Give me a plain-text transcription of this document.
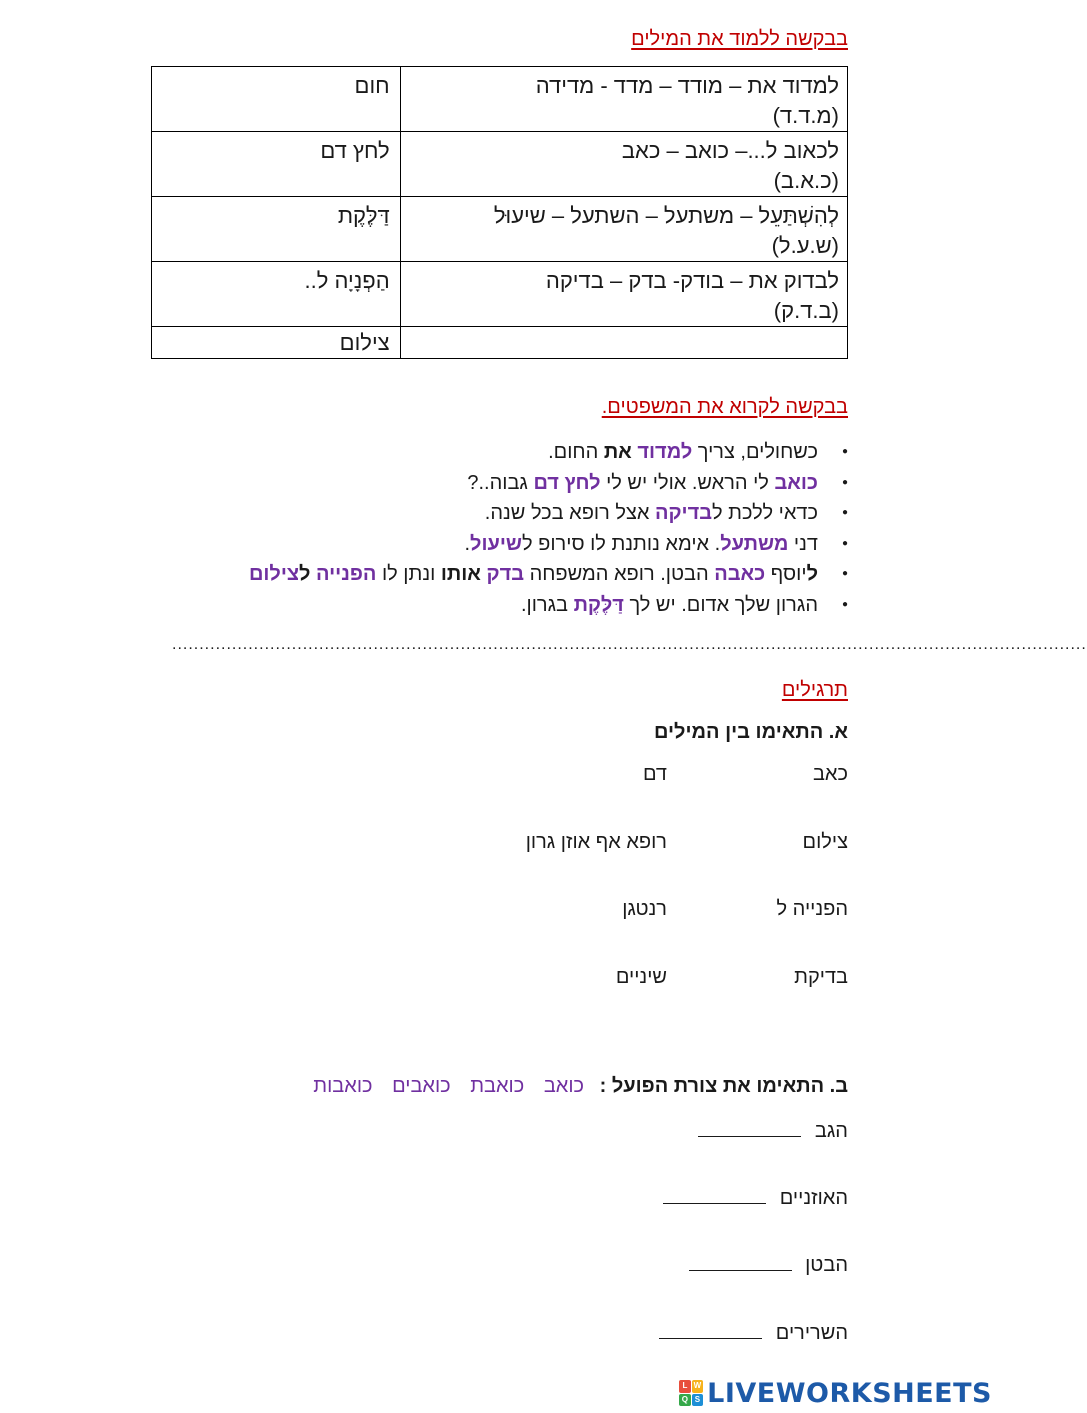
בבקשה ללמוד את המילים
למדוד את – מודד – מדד - מדידה
(מ.ד.ד)	חום

לכאוב ל...– כואב – כאב
(כ.א.ב)	לחץ דם

לְהִשְׁתַּעֵל – משתעל – השתעל – שיעוּל
(ש.ע.ל)	דַּלֶּקֶת

לבדוק את – בודק- בדק – בדיקה
(ב.ד.ק)	הַפְנָיָה ל..

	צילום
בבקשה לקרוא את המשפטים.
● כשחולים, צריך למדוד את החום.
● כואב לי הראש. אולי יש לי לחץ דם גבוה..?
● כדאי ללכת לבדיקה אצל רופא בכל שנה.
● דני משתעל. אימא נותנת לו סירופ לשיעול.
● ליוסף כאבה הבטן. רופא המשפחה בדק אותו ונתן לו הפנייה לצילום
● הגרון שלך אדום. יש לך דַּלֶּקֶת בגרון.
........................................................................................................................................................................
תרגילים
א. התאימו בין המילים
כאב
צילום
הפנייה ל
בדיקת
דם
רופא אף אוזן גרון
רנטגן
שיניים
ב. התאימו את צורת הפועל : כואב כואבת כואבים כואבות
הגב
האוזניים
הבטן
השרירים
L W
Q S LIVEWORKSHEETS
